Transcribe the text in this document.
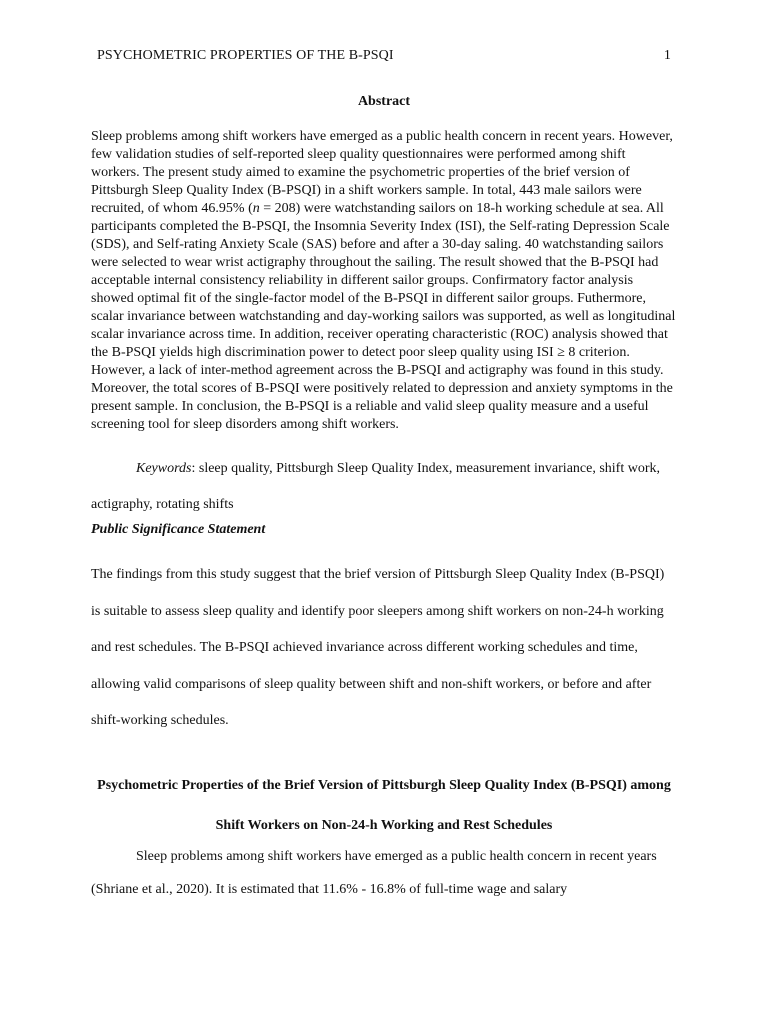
PSYCHOMETRIC PROPERTIES OF THE B-PSQI	1
Abstract

Sleep problems among shift workers have emerged as a public health concern in recent years. However, few validation studies of self-reported sleep quality questionnaires were performed among shift workers. The present study aimed to examine the psychometric properties of the brief version of Pittsburgh Sleep Quality Index (B-PSQI) in a shift workers sample. In total, 443 male sailors were recruited, of whom 46.95% (n = 208) were watchstanding sailors on 18-h working schedule at sea. All participants completed the B-PSQI, the Insomnia Severity Index (ISI), the Self-rating Depression Scale (SDS), and Self-rating Anxiety Scale (SAS) before and after a 30-day saling. 40 watchstanding sailors were selected to wear wrist actigraphy throughout the sailing. The result showed that the B-PSQI had acceptable internal consistency reliability in different sailor groups. Confirmatory factor analysis showed optimal fit of the single-factor model of the B-PSQI in different sailor groups. Futhermore, scalar invariance between watchstanding and day-working sailors was supported, as well as longitudinal scalar invariance across time. In addition, receiver operating characteristic (ROC) analysis showed that the B-PSQI yields high discrimination power to detect poor sleep quality using ISI ≥ 8 criterion. However, a lack of inter-method agreement across the B-PSQI and actigraphy was found in this study. Moreover, the total scores of B-PSQI were positively related to depression and anxiety symptoms in the present sample. In conclusion, the B-PSQI is a reliable and valid sleep quality measure and a useful screening tool for sleep disorders among shift workers.

Keywords: sleep quality, Pittsburgh Sleep Quality Index, measurement invariance, shift work, actigraphy, rotating shifts

Public Significance Statement

The findings from this study suggest that the brief version of Pittsburgh Sleep Quality Index (B-PSQI) is suitable to assess sleep quality and identify poor sleepers among shift workers on non-24-h working and rest schedules. The B-PSQI achieved invariance across different working schedules and time, allowing valid comparisons of sleep quality between shift and non-shift workers, or before and after shift-working schedules.

Psychometric Properties of the Brief Version of Pittsburgh Sleep Quality Index (B-PSQI) among Shift Workers on Non-24-h Working and Rest Schedules

Sleep problems among shift workers have emerged as a public health concern in recent years (Shriane et al., 2020). It is estimated that 11.6% - 16.8% of full-time wage and salary
